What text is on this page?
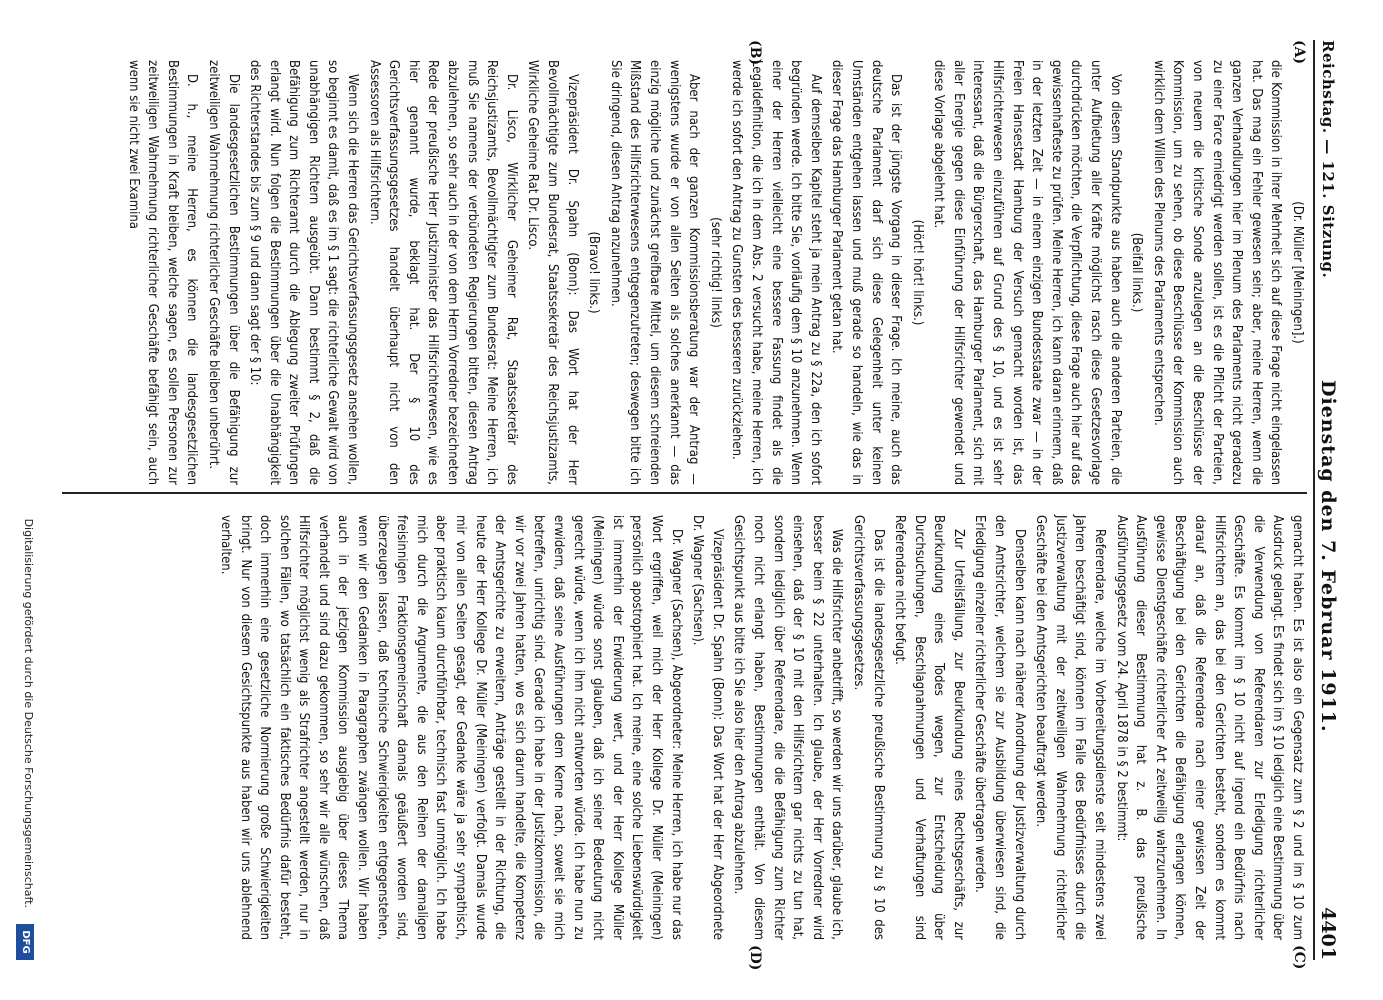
Reichstag. — 121. Sitzung.
Dienstag den 7. Februar 1911.
4401
(A)
(B)
(C)
(D)

(Dr. Müller [Meiningen].)

die Kommission in ihrer Mehrheit sich auf diese Frage nicht eingelassen hat. Das mag ein Fehler gewesen sein; aber, meine Herren, wenn die ganzen Verhandlungen hier im Plenum des Parlaments nicht geradezu zu einer Farce erniedrigt werden sollen, ist es die Pflicht der Parteien, von neuem die kritische Sonde anzulegen an die Beschlüsse der Kommission, um zu sehen, ob diese Beschlüsse der Kommission auch wirklich dem Willen des Plenums des Parlaments entsprechen.

(Beifall links.)

Von diesem Standpunkte aus haben auch die anderen Parteien, die unter Aufbietung aller Kräfte möglichst rasch diese Gesetzesvorlage durchdrücken möchten, die Verpflichtung, diese Frage auch hier auf das gewissenhafteste zu prüfen. Meine Herren, ich kann daran erinnern, daß in der letzten Zeit — in einem einzigen Bundesstaate zwar — in der Freien Hansestadt Hamburg der Versuch gemacht worden ist, das Hilfsrichterwesen einzuführen auf Grund des § 10, und es ist sehr interessant, daß die Bürgerschaft, das Hamburger Parlament, sich mit aller Energie gegen diese Einführung der Hilfsrichter gewendet und diese Vorlage abgelehnt hat.

(Hört! hört! links.)

Das ist der jüngste Vorgang in dieser Frage. Ich meine, auch das deutsche Parlament darf sich diese Gelegenheit unter keinen Umständen entgehen lassen und muß gerade so handeln, wie das in dieser Frage das Hamburger Parlament getan hat.

Auf demselben Kapitel steht ja mein Antrag zu § 22a, den ich sofort begründen werde. Ich bitte Sie, vorläufig dem § 10 anzunehmen. Wenn einer der Herren vielleicht eine bessere Fassung findet als die Legaldefinition, die ich in dem Abs. 2 versucht habe, meine Herren, ich werde ich sofort den Antrag zu Gunsten des besseren zurückziehen.

(sehr richtig! links)

Aber nach der ganzen Kommissionsberatung war der Antrag — wenigstens wurde er von allen Seiten als solches anerkannt — das einzig mögliche und zunächst greifbare Mittel, um diesem schreienden Mißstand des Hilfsrichterwesens entgegenzutreten; deswegen bitte ich Sie dringend, diesen Antrag anzunehmen.

(Bravo! links.)

Vizepräsident Dr. Spahn (Bonn): Das Wort hat der Herr Bevollmächtigte zum Bundesrat, Staatssekretär des Reichsjustizamts, Wirkliche Geheime Rat Dr. Lisco.

Dr. Lisco, Wirklicher Geheimer Rat, Staatssekretär des Reichsjustizamts, Bevollmächtigter zum Bundesrat: Meine Herren, ich muß Sie namens der verbündeten Regierungen bitten, diesen Antrag abzulehnen, so sehr auch in der von dem Herrn Vorredner bezeichneten Rede der preußische Herr Justizminister das Hilfsrichterwesen, wie es hier genannt wurde, beklagt hat. Der § 10 des Gerichtsverfassungsgesetzes handelt überhaupt nicht von den Assessoren als Hilfsrichtern.

Wenn sich die Herren das Gerichtsverfassungsgesetz ansehen wollen, so beginnt es damit, daß es im § 1 sagt: die richterliche Gewalt wird von unabhängigen Richtern ausgeübt. Dann bestimmt § 2, daß die Befähigung zum Richteramt durch die Ablegung zweiter Prüfungen erlangt wird. Nun folgen die Bestimmungen über die Unabhängigkeit des Richterstandes bis zum § 9 und dann sagt der § 10:

Die landesgesetzlichen Bestimmungen über die Befähigung zur zeitweiligen Wahrnehmung richterlicher Geschäfte bleiben unberührt.

D. h., meine Herren, es können die landesgesetzlichen Bestimmungen in Kraft bleiben, welche sagen, es sollen Personen zur zeitweiligen Wahrnehmung richterlicher Geschäfte befähigt sein, auch wenn sie nicht zwei Examina

gemacht haben. Es ist also ein Gegensatz zum § 2 und im § 10 zum Ausdruck gelangt. Es findet sich im § 10 lediglich eine Bestimmung über die Verwendung von Referendaren zur Erledigung richterlicher Geschäfte. Es kommt im § 10 nicht auf irgend ein Bedürfnis nach Hilfsrichtern an, das bei den Gerichten besteht, sondern es kommt darauf an, daß die Referendare nach einer gewissen Zeit der Beschäftigung bei den Gerichten die Befähigung erlangen können, gewisse Dienstgeschäfte richterlicher Art zeitweilig wahrzunehmen. In Ausführung dieser Bestimmung hat z. B. das preußische Ausführungsgesetz vom 24. April 1878 in § 2 bestimmt:

Referendare, welche im Vorbereitungsdienste seit mindestens zwei Jahren beschäftigt sind, können im Falle des Bedürfnisses durch die Justizverwaltung mit der zeitweiligen Wahrnehmung richterlicher Geschäfte bei den Amtsgerichten beauftragt werden.

Denselben kann nach näherer Anordnung der Justizverwaltung durch den Amtsrichter, welchem sie zur Ausbildung überwiesen sind, die Erledigung einzelner richterlicher Geschäfte übertragen werden.

Zur Urteilsfällung, zur Beurkundung eines Rechtsgeschäfts, zur Beurkundung eines Todes wegen, zur Entscheidung über Durchsuchungen, Beschlagnahmungen und Verhaftungen sind Referendare nicht befugt.

Das ist die landesgesetzliche preußische Bestimmung zu § 10 des Gerichtsverfassungsgesetzes.

Was die Hilfsrichter anbetrifft, so werden wir uns darüber, glaube ich, besser beim § 22 unterhalten. Ich glaube, der Herr Vorredner wird einsehen, daß der § 10 mit den Hilfsrichtern gar nichts zu tun hat, sondern lediglich über Referendare, die die Befähigung zum Richter noch nicht erlangt haben, Bestimmungen enthält. Von diesem Gesichtspunkt aus bitte ich Sie also hier den Antrag abzulehnen.

Vizepräsident Dr. Spahn (Bonn): Das Wort hat der Herr Abgeordnete Dr. Wagner (Sachsen).

Dr. Wagner (Sachsen), Abgeordneter: Meine Herren, ich habe nur das Wort ergriffen, weil mich der Herr Kollege Dr. Müller (Meiningen) persönlich apostrophiert hat. Ich meine, eine solche Liebenswürdigkeit ist immerhin der Erwiderung wert, und der Herr Kollege Müller (Meiningen) würde sonst glauben, daß ich seiner Bedeutung nicht gerecht würde, wenn ich ihm nicht antworten würde. Ich habe nun zu erwidern, daß seine Ausführungen dem Kerne nach, soweit sie mich betreffen, unrichtig sind. Gerade ich habe in der Justizkommission, die wir vor zwei Jahren hatten, wo es sich darum handelte, die Kompetenz der Amtsgerichte zu erweitern, Anträge gestellt in der Richtung, die heute der Herr Kollege Dr. Müller (Meiningen) verfolgt. Damals wurde mir von allen Seiten gesagt, der Gedanke wäre ja sehr sympathisch, aber praktisch kaum durchführbar, technisch fast unmöglich. Ich habe mich durch die Argumente, die aus den Reihen der damaligen freisinnigen Fraktionsgemeinschaft damals geäußert worden sind, überzeugen lassen, daß technische Schwierigkeiten entgegenstehen, wenn wir den Gedanken in Paragraphen zwängen wollen. Wir haben auch in der jetzigen Kommission ausgiebig über dieses Thema verhandelt und sind dazu gekommen, so sehr wir alle wünschen, daß Hilfsrichter möglichst wenig als Strafrichter angestellt werden, nur in solchen Fällen, wo tatsächlich ein faktisches Bedürfnis dafür besteht, doch immerhin eine gesetzliche Normierung große Schwierigkeiten bringt. Nur von diesem Gesichtspunkte aus haben wir uns ablehnend verhalten.

Digitalisierung gefördert durch die Deutsche Forschungsgemeinschaft.
DFG
